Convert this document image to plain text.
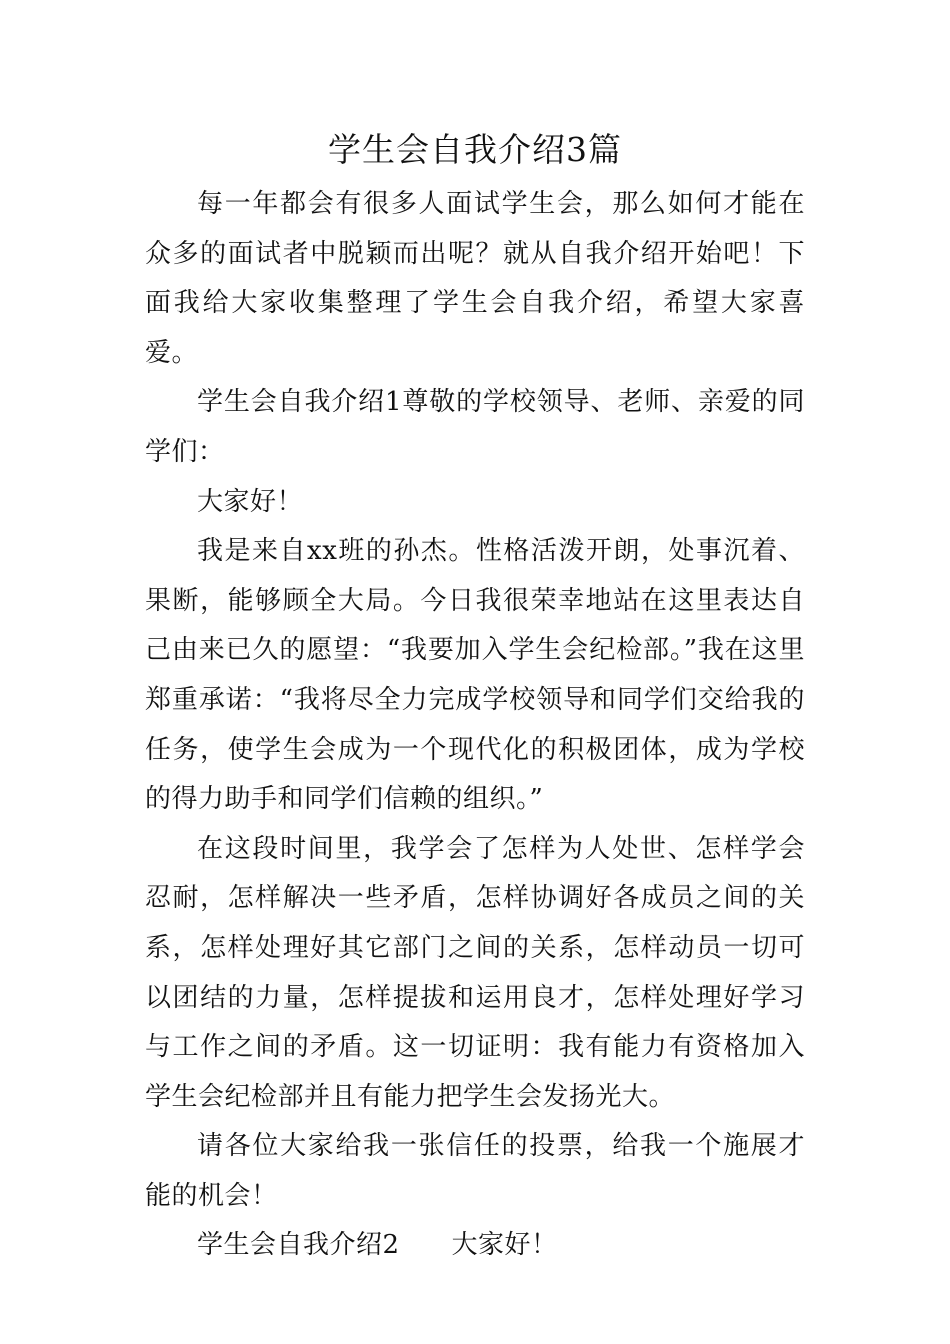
学生会自我介绍3篇

每一年都会有很多人面试学生会，那么如何才能在众多的面试者中脱颖而出呢？就从自我介绍开始吧！下面我给大家收集整理了学生会自我介绍，希望大家喜爱。

学生会自我介绍1尊敬的学校领导、老师、亲爱的同学们：

大家好！

我是来自xx班的孙杰。性格活泼开朗，处事沉着、果断，能够顾全大局。今日我很荣幸地站在这里表达自己由来已久的愿望：“我要加入学生会纪检部。”我在这里郑重承诺：“我将尽全力完成学校领导和同学们交给我的任务，使学生会成为一个现代化的积极团体，成为学校的得力助手和同学们信赖的组织。”

在这段时间里，我学会了怎样为人处世、怎样学会忍耐，怎样解决一些矛盾，怎样协调好各成员之间的关系，怎样处理好其它部门之间的关系，怎样动员一切可以团结的力量，怎样提拔和运用良才，怎样处理好学习与工作之间的矛盾。这一切证明：我有能力有资格加入学生会纪检部并且有能力把学生会发扬光大。

请各位大家给我一张信任的投票，给我一个施展才能的机会！

学生会自我介绍2 大家好！
